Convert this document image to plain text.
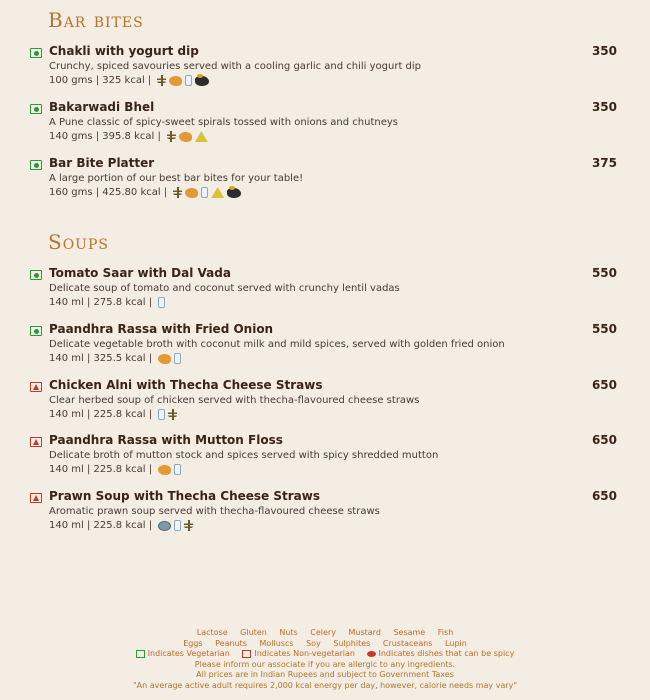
Bar bites
Chakli with yogurt dip	350
Crunchy, spiced savouries served with a cooling garlic and chili yogurt dip
100 gms | 325 kcal |
Bakarwadi Bhel	350
A Pune classic of spicy-sweet spirals tossed with onions and chutneys
140 gms | 395.8 kcal |
Bar Bite Platter	375
A large portion of our best bar bites for your table!
160 gms | 425.80 kcal |
Soups
Tomato Saar with Dal Vada	550
Delicate soup of tomato and coconut served with crunchy lentil vadas
140 ml | 275.8 kcal |
Paandhra Rassa with Fried Onion	550
Delicate vegetable broth with coconut milk and mild spices, served with golden fried onion
140 ml | 325.5 kcal |
Chicken Alni with Thecha Cheese Straws	650
Clear herbed soup of chicken served with thecha-flavoured cheese straws
140 ml | 225.8 kcal |
Paandhra Rassa with Mutton Floss	650
Delicate broth of mutton stock and spices served with spicy shredded mutton
140 ml | 225.8 kcal |
Prawn Soup with Thecha Cheese Straws	650
Aromatic prawn soup served with thecha-flavoured cheese straws
140 ml | 225.8 kcal |
Lactose Gluten Nuts Celery Mustard Sesame Fish
Eggs Peanuts Molluscs Soy Sulphites Crustaceans Lupin
Indicates Vegetarian	Indicates Non-vegetarian	Indicates dishes that can be spicy
Please inform our associate if you are allergic to any ingredients.
All prices are in Indian Rupees and subject to Government Taxes
"An average active adult requires 2,000 kcal energy per day, however, calorie needs may vary"
